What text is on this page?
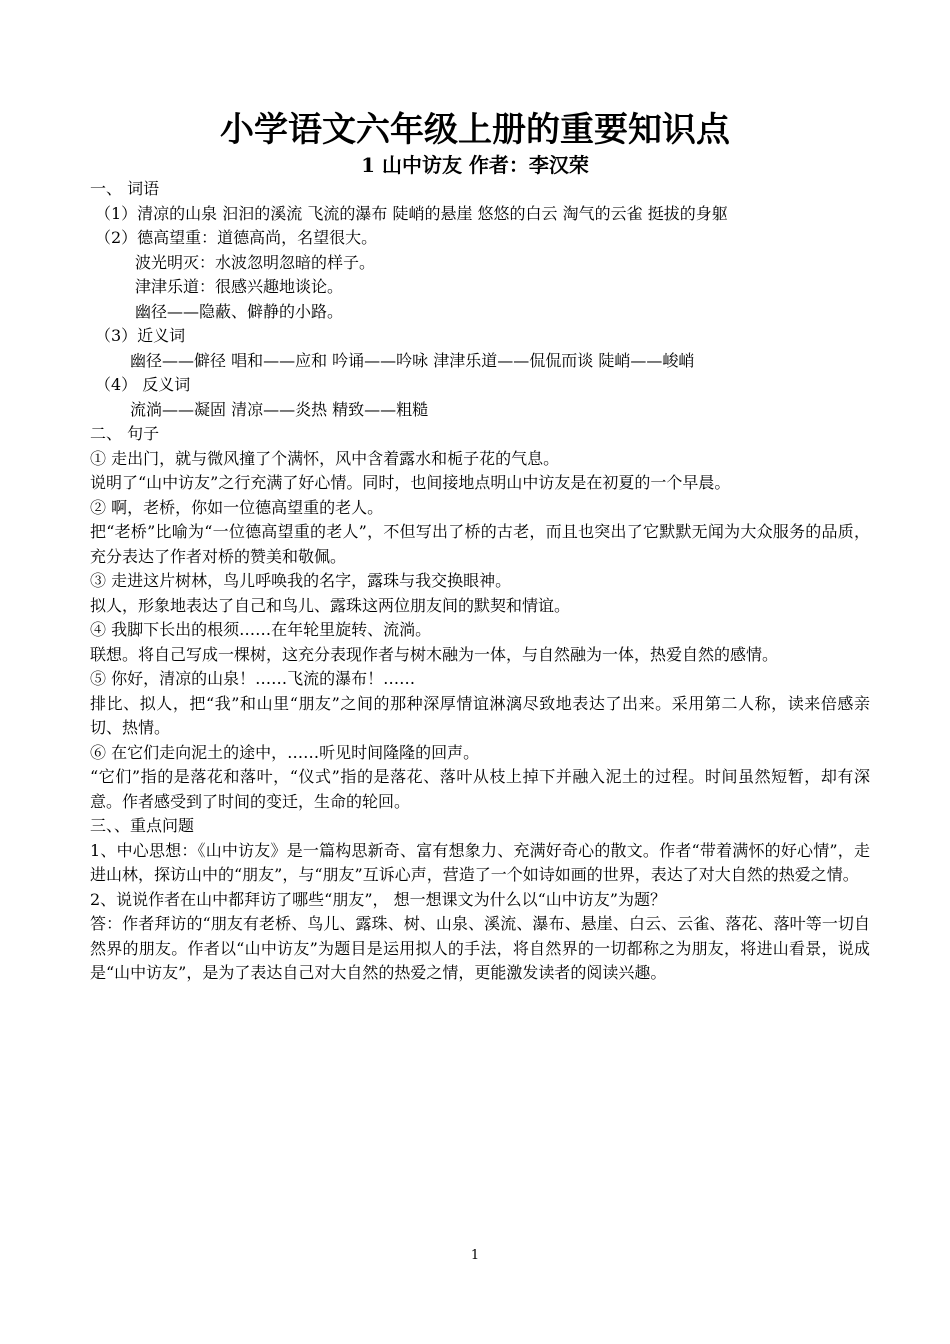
小学语文六年级上册的重要知识点
1 山中访友 作者：李汉荣

一、 词语

（1）清凉的山泉 汩汩的溪流 飞流的瀑布 陡峭的悬崖 悠悠的白云 淘气的云雀 挺拔的身躯

（2）德高望重：道德高尚，名望很大。

波光明灭：水波忽明忽暗的样子。

津津乐道：很感兴趣地谈论。

幽径——隐蔽、僻静的小路。

（3）近义词

幽径——僻径 唱和——应和 吟诵——吟咏 津津乐道——侃侃而谈 陡峭——峻峭

（4） 反义词

流淌——凝固 清凉——炎热 精致——粗糙

二、 句子

① 走出门，就与微风撞了个满怀，风中含着露水和栀子花的气息。

说明了“山中访友”之行充满了好心情。同时，也间接地点明山中访友是在初夏的一个早晨。

② 啊，老桥，你如一位德高望重的老人。

把“老桥”比喻为“一位德高望重的老人”，不但写出了桥的古老，而且也突出了它默默无闻为大众服务的品质，充分表达了作者对桥的赞美和敬佩。

③ 走进这片树林，鸟儿呼唤我的名字，露珠与我交换眼神。

拟人，形象地表达了自己和鸟儿、露珠这两位朋友间的默契和情谊。

④ 我脚下长出的根须……在年轮里旋转、流淌。

联想。将自己写成一棵树，这充分表现作者与树木融为一体，与自然融为一体，热爱自然的感情。

⑤ 你好，清凉的山泉！……飞流的瀑布！……

排比、拟人，把“我”和山里“朋友”之间的那种深厚情谊淋漓尽致地表达了出来。采用第二人称，读来倍感亲切、热情。

⑥ 在它们走向泥土的途中，……听见时间隆隆的回声。

“它们”指的是落花和落叶，“仪式”指的是落花、落叶从枝上掉下并融入泥土的过程。时间虽然短暂，却有深意。作者感受到了时间的变迁，生命的轮回。

三、、重点问题

1、中心思想：《山中访友》是一篇构思新奇、富有想象力、充满好奇心的散文。作者“带着满怀的好心情”，走进山林，探访山中的“朋友”，与“朋友”互诉心声，营造了一个如诗如画的世界，表达了对大自然的热爱之情。

2、说说作者在山中都拜访了哪些“朋友”， 想一想课文为什么以“山中访友”为题？

答：作者拜访的“朋友有老桥、鸟儿、露珠、树、山泉、溪流、瀑布、悬崖、白云、云雀、落花、落叶等一切自然界的朋友。作者以“山中访友”为题目是运用拟人的手法，将自然界的一切都称之为朋友，将进山看景，说成是“山中访友”，是为了表达自己对大自然的热爱之情，更能激发读者的阅读兴趣。

1
